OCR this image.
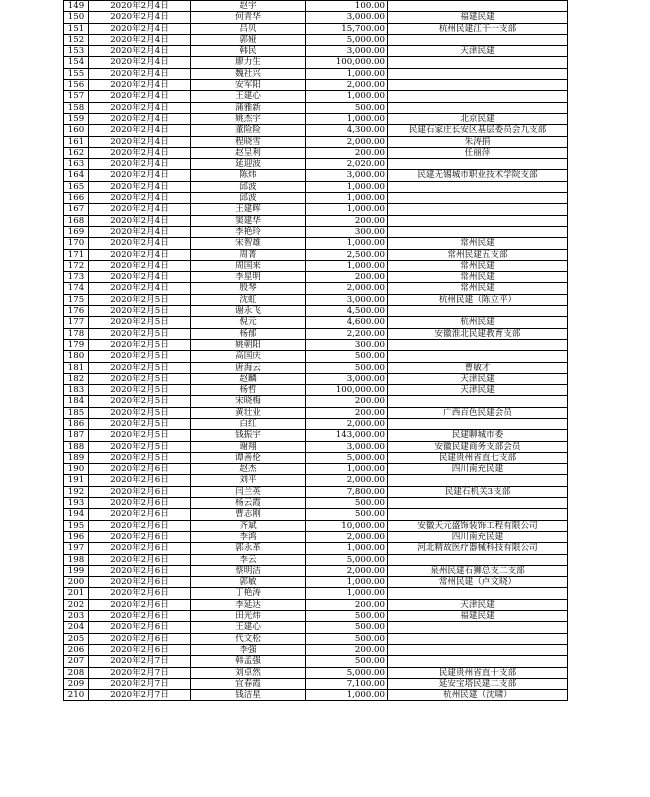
149	2020年2月4日	赵宇	100.00	
150	2020年2月4日	何青华	3,000.00	福建民建
151	2020年2月4日	吕贝	15,700.00	杭州民建江干一支部
152	2020年2月4日	郭娅	5,000.00	
153	2020年2月4日	韩民	3,000.00	天津民建
154	2020年2月4日	廖力生	100,000.00	
155	2020年2月4日	魏社兴	1,000.00	
156	2020年2月4日	安军阳	2,000.00	
157	2020年2月4日	王建心	1,000.00	
158	2020年2月4日	蒲雅新	500.00	
159	2020年2月4日	姚杰宇	1,000.00	北京民建
160	2020年2月4日	董险险	4,300.00	民建石家庄长安区基层委员会九支部
161	2020年2月4日	程晓雪	2,000.00	朱涛捐
162	2020年2月4日	赵呈利	200.00	任丽萍
163	2020年2月4日	延迎波	2,020.00	
164	2020年2月4日	陈炜	3,000.00	民建无锡城市职业技术学院支部
165	2020年2月4日	邱波	1,000.00	
166	2020年2月4日	邱波	1,000.00	
167	2020年2月4日	王建晖	1,000.00	
168	2020年2月4日	窦建华	200.00	
169	2020年2月4日	李艳玲	300.00	
170	2020年2月4日	宋智雄	1,000.00	常州民建
171	2020年2月4日	周菁	2,500.00	常州民建五支部
172	2020年2月4日	周国来	1,000.00	常州民建
173	2020年2月4日	李星明	200.00	常州民建
174	2020年2月4日	殷琴	2,000.00	常州民建
175	2020年2月5日	沈虹	3,000.00	杭州民建（陈立平）
176	2020年2月5日	谢永飞	4,500.00	
177	2020年2月5日	倪元	4,600.00	杭州民建
178	2020年2月5日	杨郁	2,200.00	安徽淮北民建教育支部
179	2020年2月5日	姚朝阳	300.00	
180	2020年2月5日	高国庆	500.00	
181	2020年2月5日	唐海云	500.00	曹敏才
182	2020年2月5日	赵麟	3,000.00	天津民建
183	2020年2月5日	杨哲	100,000.00	天津民建
184	2020年2月5日	宋晓梅	200.00	
185	2020年2月5日	黄壮业	200.00	广西百色民建会员
186	2020年2月5日	白红	2,000.00	
187	2020年2月5日	钱振宇	143,000.00	民建聊城市委
188	2020年2月5日	谢翔	3,000.00	安徽民建商务支部会员
189	2020年2月5日	谭善伦	5,000.00	民建贵州省直七支部
190	2020年2月6日	赵杰	1,000.00	四川南充民建
191	2020年2月6日	刘平	2,000.00	
192	2020年2月6日	闫兰英	7,800.00	民建石机关3支部
193	2020年2月6日	杨云霞	500.00	
194	2020年2月6日	曹志刚	500.00	
195	2020年2月6日	齐斌	10,000.00	安徽天元盛饰装饰工程有限公司
196	2020年2月6日	李鸿	2,000.00	四川南充民建
197	2020年2月6日	郭永革	1,000.00	河北精故医疗器械科技有限公司
198	2020年2月6日	李云	5,000.00	
199	2020年2月6日	蔡明洁	2,000.00	泉州民建石狮总支二支部
200	2020年2月6日	郭敏	1,000.00	常州民建（卢文晓）
201	2020年2月6日	丁艳涛	1,000.00	
202	2020年2月6日	李延达	200.00	天津民建
203	2020年2月6日	田光炜	500.00	福建民建
204	2020年2月6日	王建心	500.00	
205	2020年2月6日	代文松	500.00	
206	2020年2月6日	李强	200.00	
207	2020年2月7日	韩孟强	500.00	
208	2020年2月7日	刘卓然	5,000.00	民建贵州省直十支部
209	2020年2月7日	宜春霞	7,100.00	延安宝塔民建二支部
210	2020年2月7日	钱洁星	1,000.00	杭州民建（沈啸）
